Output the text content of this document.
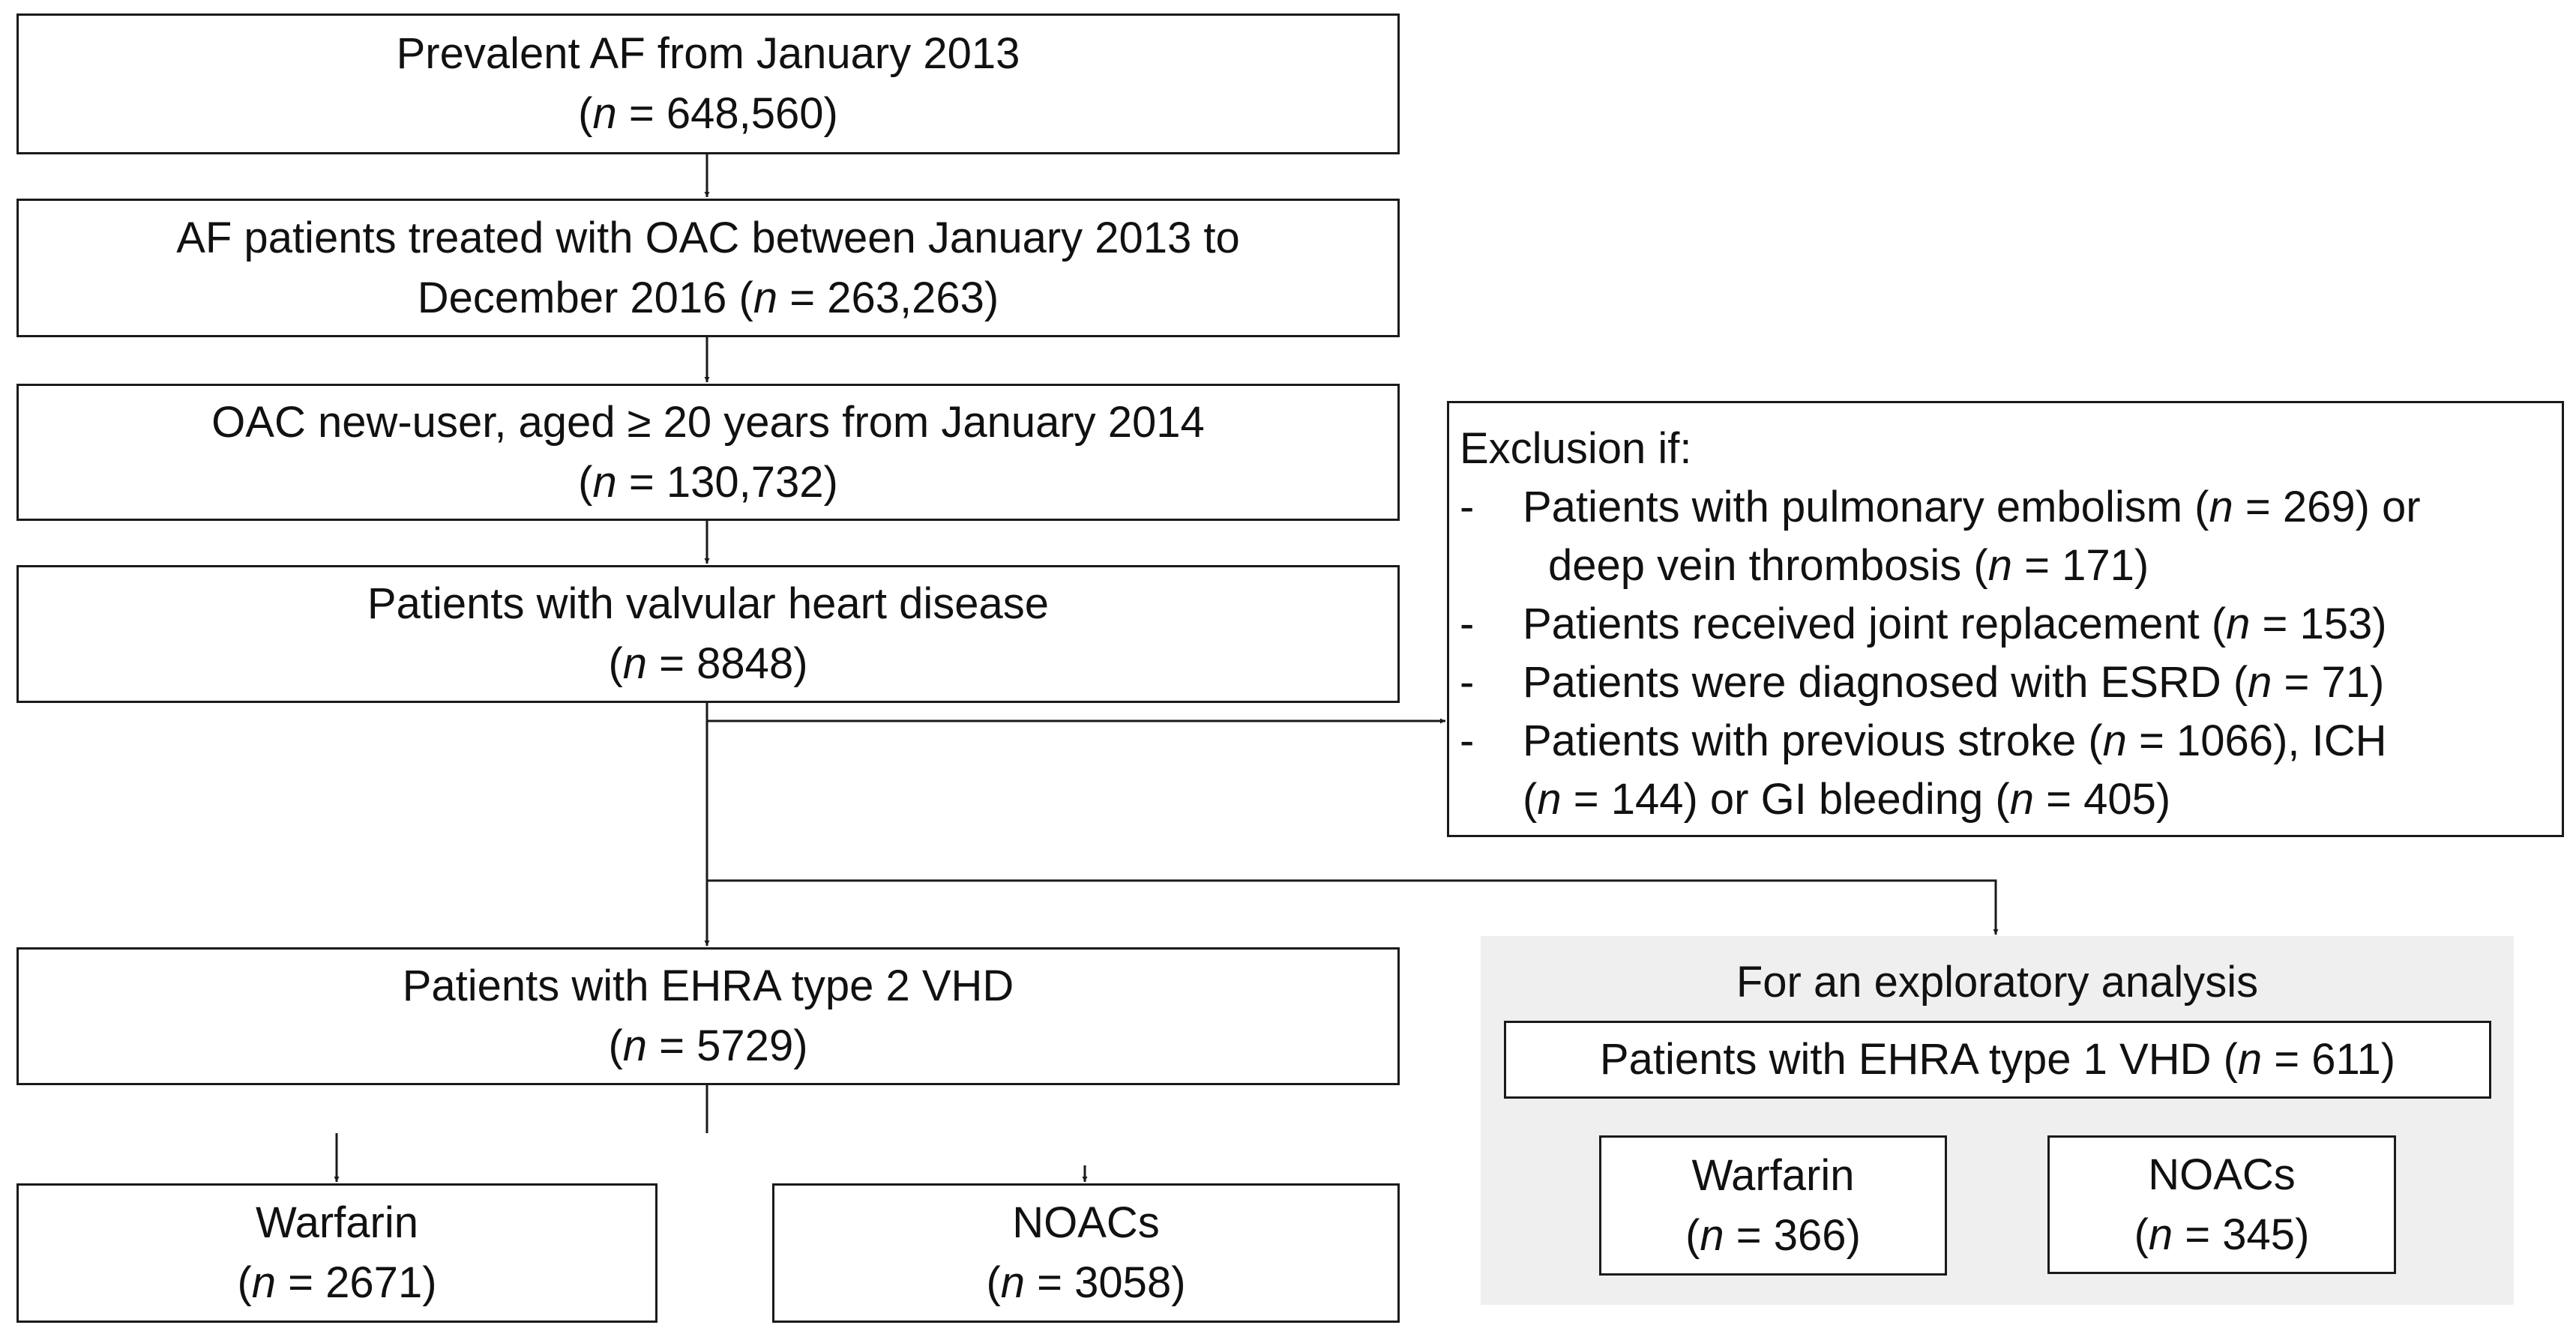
Prevalent AF from January 2013
(n = 648,560)
AF patients treated with OAC between January 2013 to
December 2016 (n = 263,263)
OAC new-user, aged ≥ 20 years from January 2014
(n = 130,732)
Patients with valvular heart disease
(n = 8848)
Exclusion if:
-	Patients with pulmonary embolism (n = 269) or
deep vein thrombosis (n = 171)
-	Patients received joint replacement (n = 153)
-	Patients were diagnosed with ESRD (n = 71)
-	Patients with previous stroke (n = 1066), ICH
(n = 144) or GI bleeding (n = 405)
Patients with EHRA type 2 VHD
(n = 5729)
Warfarin
(n = 2671)
NOACs
(n = 3058)
For an exploratory analysis
Patients with EHRA type 1 VHD (n = 611)
Warfarin
(n = 366)
NOACs
(n = 345)
